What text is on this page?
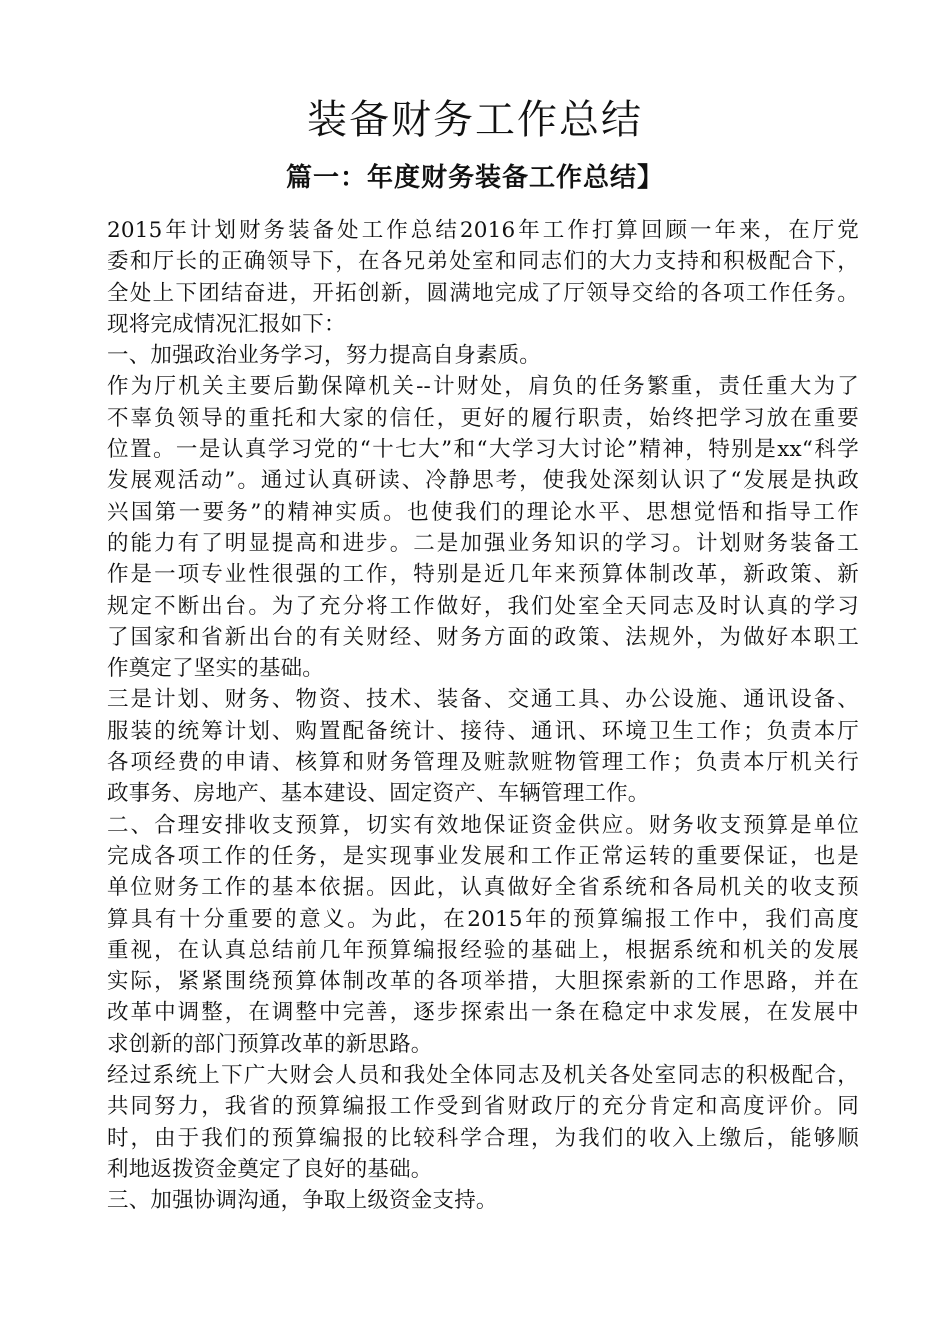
装备财务工作总结
篇一：年度财务装备工作总结】
2015年计划财务装备处工作总结2016年工作打算回顾一年来，在厅党
委和厅长的正确领导下，在各兄弟处室和同志们的大力支持和积极配合下，
全处上下团结奋进，开拓创新，圆满地完成了厅领导交给的各项工作任务。
现将完成情况汇报如下：
一、加强政治业务学习，努力提高自身素质。
作为厅机关主要后勤保障机关--计财处，肩负的任务繁重，责任重大为了
不辜负领导的重托和大家的信任，更好的履行职责，始终把学习放在重要
位置。一是认真学习党的“十七大”和“大学习大讨论”精神，特别是xx“科学
发展观活动”。通过认真研读、冷静思考，使我处深刻认识了“发展是执政
兴国第一要务”的精神实质。也使我们的理论水平、思想觉悟和指导工作
的能力有了明显提高和进步。二是加强业务知识的学习。计划财务装备工
作是一项专业性很强的工作，特别是近几年来预算体制改革，新政策、新
规定不断出台。为了充分将工作做好，我们处室全天同志及时认真的学习
了国家和省新出台的有关财经、财务方面的政策、法规外，为做好本职工
作奠定了坚实的基础。
三是计划、财务、物资、技术、装备、交通工具、办公设施、通讯设备、
服装的统筹计划、购置配备统计、接待、通讯、环境卫生工作；负责本厅
各项经费的申请、核算和财务管理及赃款赃物管理工作；负责本厅机关行
政事务、房地产、基本建设、固定资产、车辆管理工作。
二、合理安排收支预算，切实有效地保证资金供应。财务收支预算是单位
完成各项工作的任务，是实现事业发展和工作正常运转的重要保证，也是
单位财务工作的基本依据。因此，认真做好全省系统和各局机关的收支预
算具有十分重要的意义。为此，在2015年的预算编报工作中，我们高度
重视，在认真总结前几年预算编报经验的基础上，根据系统和机关的发展
实际，紧紧围绕预算体制改革的各项举措，大胆探索新的工作思路，并在
改革中调整，在调整中完善，逐步探索出一条在稳定中求发展，在发展中
求创新的部门预算改革的新思路。
经过系统上下广大财会人员和我处全体同志及机关各处室同志的积极配合，
共同努力，我省的预算编报工作受到省财政厅的充分肯定和高度评价。同
时，由于我们的预算编报的比较科学合理，为我们的收入上缴后，能够顺
利地返拨资金奠定了良好的基础。
三、加强协调沟通，争取上级资金支持。
